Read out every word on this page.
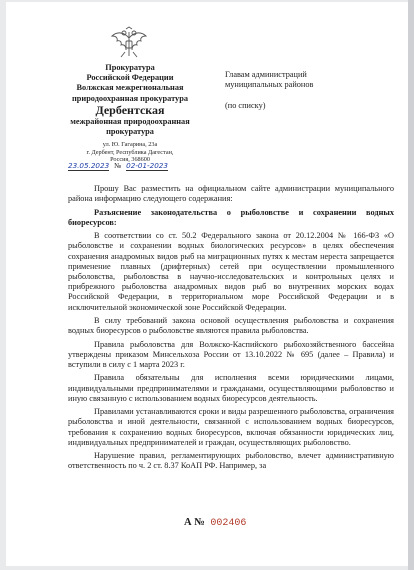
Прокуратура
Российской Федерации
Волжская межрегиональная
природоохранная прокуратура
Дербентская
межрайонная природоохранная
прокуратура
ул. Ю. Гагарина, 23а
г. Дербент, Республика Дагестан,
Россия, 368600
23.05.2023 № 02-01-2023
Главам администраций
муниципальных районов
(по списку)

Прошу Вас разместить на официальном сайте администрации муниципального района информацию следующего содержания:

Разъяснение законодательства о рыболовстве и сохранении водных биоресурсов:

В соответствии со ст. 50.2 Федерального закона от 20.12.2004 № 166-ФЗ «О рыболовстве и сохранении водных биологических ресурсов» в целях обеспечения сохранения анадромных видов рыб на миграционных путях к местам нереста запрещается применение плавных (дрифтерных) сетей при осуществлении промышленного рыболовства, рыболовства в научно-исследовательских и контрольных целях и прибрежного рыболовства анадромных видов рыб во внутренних морских водах Российской Федерации, в территориальном море Российской Федерации и в исключительной экономической зоне Российской Федерации.

В силу требований закона основой осуществления рыболовства и сохранения водных биоресурсов о рыболовстве являются правила рыболовства.

Правила рыболовства для Волжско-Каспийского рыбохозяйственного бассейна утверждены приказом Минсельхоза России от 13.10.2022 № 695 (далее – Правила) и вступили в силу с 1 марта 2023 г.

Правила обязательны для исполнения всеми юридическими лицами, индивидуальными предпринимателями и гражданами, осуществляющими рыболовство и иную связанную с использованием водных биоресурсов деятельность.

Правилами устанавливаются сроки и виды разрешенного рыболовства, ограничения рыболовства и иной деятельности, связанной с использованием водных биоресурсов, требования к сохранению водных биоресурсов, включая обязанности юридических лиц, индивидуальных предпринимателей и граждан, осуществляющих рыболовство.

Нарушение правил, регламентирующих рыболовство, влечет административную ответственность по ч. 2 ст. 8.37 КоАП РФ. Например, за

А № 002406
